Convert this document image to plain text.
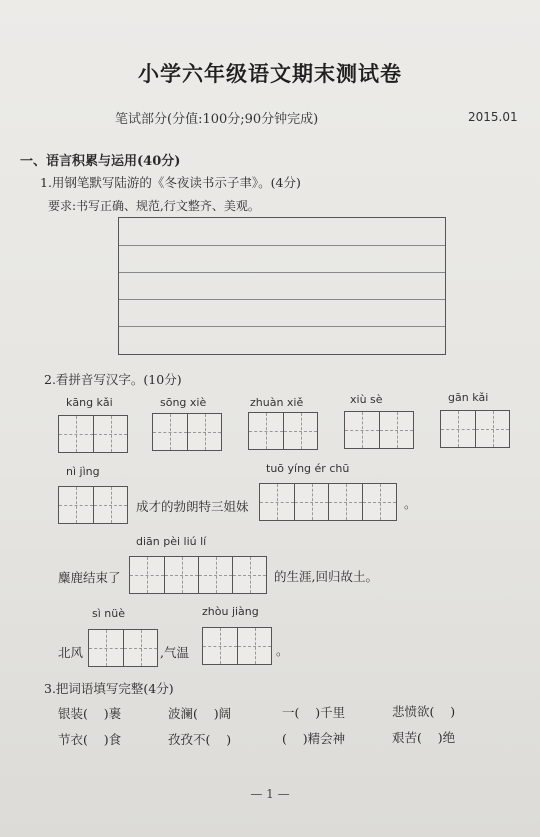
小学六年级语文期末测试卷
笔试部分(分值:100分;90分钟完成)	2015.01
一、语言积累与运用(40分)
1.用钢笔默写陆游的《冬夜读书示子聿》。(4分)
要求:书写正确、规范,行文整齐、美观。
2.看拼音写汉字。(10分)
kāng kǎi	sōng xiè	zhuàn xiě	xiù sè	gān kǎi
nì jìng	tuō yíng ér chū
成才的勃朗特三姐妹	。
diān pèi liú lí
麋鹿结束了	的生涯,回归故土。
sì nüè	zhòu jiàng
北风	,气温	。
3.把词语填写完整(4分)
银装(    )裹	波澜(    )阔	一(    )千里	悲愤欲(    )
节衣(    )食	孜孜不(    )	(    )精会神	艰苦(    )绝
— 1 —
